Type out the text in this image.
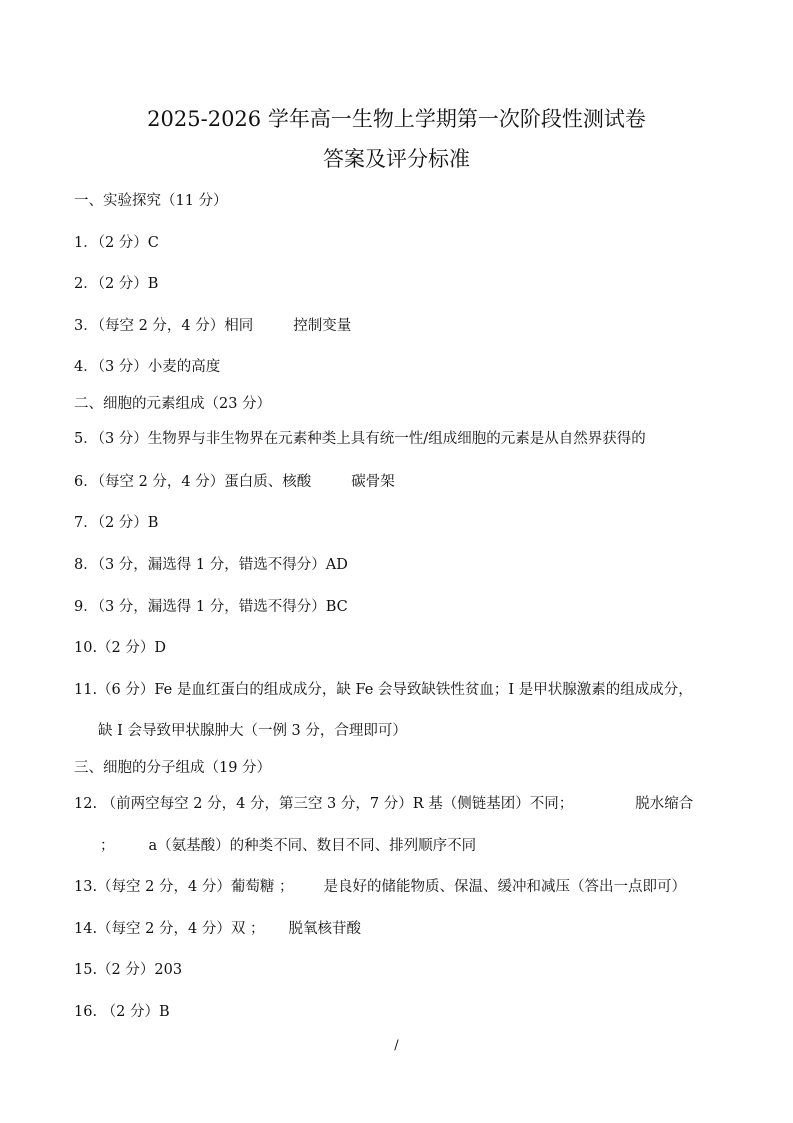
2025-2026 学年高一生物上学期第一次阶段性测试卷
答案及评分标准
一、实验探究（11 分）
1．（2 分）C
2．（2 分）B
3．（每空 2 分，4 分）相同	控制变量
4．（3 分）小麦的高度
二、细胞的元素组成（23 分）
5．（3 分）生物界与非生物界在元素种类上具有统一性/组成细胞的元素是从自然界获得的
6．（每空 2 分，4 分）蛋白质、核酸	碳骨架
7．（2 分）B
8．（3 分，漏选得 1 分，错选不得分）AD
9．（3 分，漏选得 1 分，错选不得分）BC
10.（2 分）D
11.（6 分）Fe 是血红蛋白的组成成分，缺 Fe 会导致缺铁性贫血；I 是甲状腺激素的组成成分，
缺 I 会导致甲状腺肿大（一例 3 分，合理即可）
三、细胞的分子组成（19 分）
12. （前两空每空 2 分，4 分，第三空 3 分，7 分）R 基（侧链基团）不同；	脱水缩合
； a（氨基酸）的种类不同、数目不同、排列顺序不同
13.（每空 2 分，4 分）葡萄糖 ； 是良好的储能物质、保温、缓冲和减压（答出一点即可）
14.（每空 2 分，4 分）双 ； 脱氧核苷酸
15.（2 分）203
16. （2 分）B
/
